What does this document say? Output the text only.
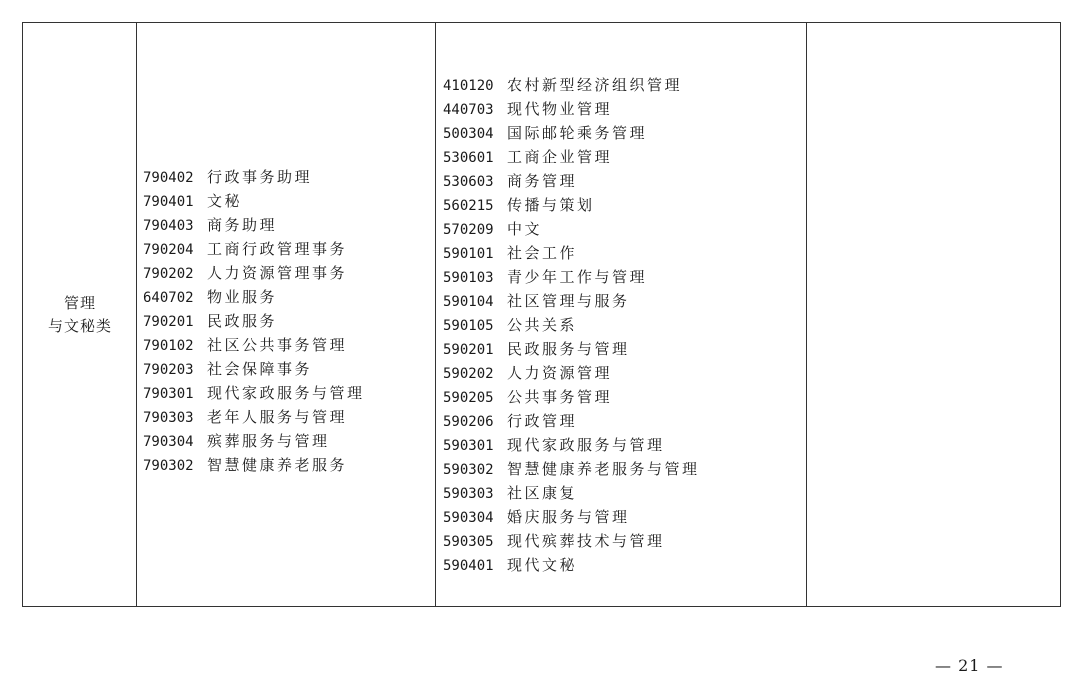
管理
与文秘类
790402 行政事务助理
790401 文秘
790403 商务助理
790204 工商行政管理事务
790202 人力资源管理事务
640702 物业服务
790201 民政服务
790102 社区公共事务管理
790203 社会保障事务
790301 现代家政服务与管理
790303 老年人服务与管理
790304 殡葬服务与管理
790302 智慧健康养老服务
410120 农村新型经济组织管理
440703 现代物业管理
500304 国际邮轮乘务管理
530601 工商企业管理
530603 商务管理
560215 传播与策划
570209 中文
590101 社会工作
590103 青少年工作与管理
590104 社区管理与服务
590105 公共关系
590201 民政服务与管理
590202 人力资源管理
590205 公共事务管理
590206 行政管理
590301 现代家政服务与管理
590302 智慧健康养老服务与管理
590303 社区康复
590304 婚庆服务与管理
590305 现代殡葬技术与管理
590401 现代文秘
— 21 —
